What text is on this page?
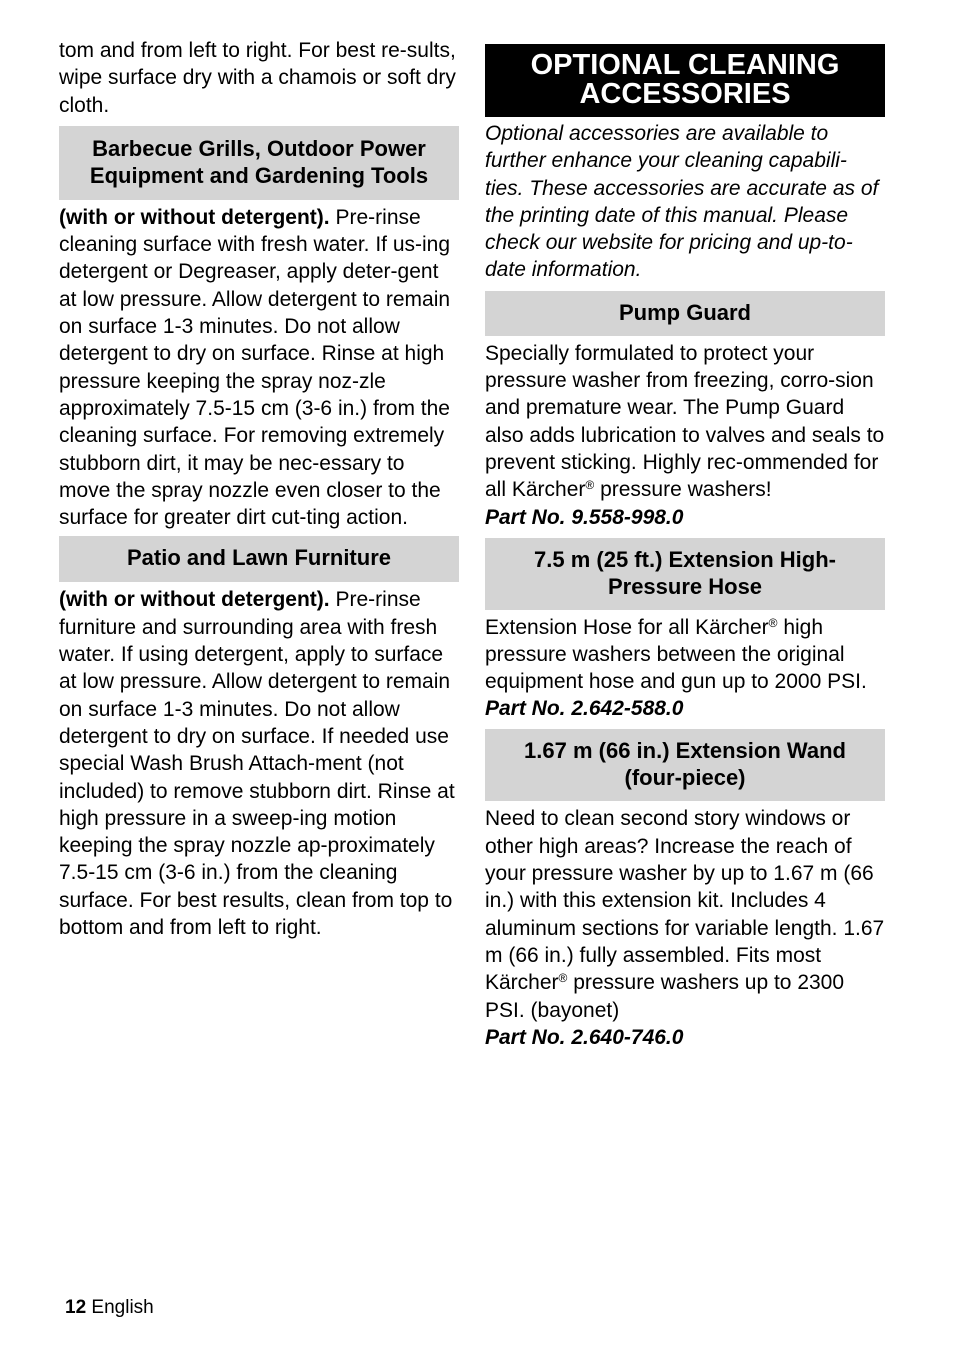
tom and from left to right. For best re-sults, wipe surface dry with a chamois or soft dry cloth.

Barbecue Grills, Outdoor Power Equipment and Gardening Tools

(with or without detergent). Pre-rinse cleaning surface with fresh water. If us-ing detergent or Degreaser, apply deter-gent at low pressure. Allow detergent to remain on surface 1-3 minutes. Do not allow detergent to dry on surface. Rinse at high pressure keeping the spray noz-zle approximately 7.5-15 cm (3-6 in.) from the cleaning surface. For removing extremely stubborn dirt, it may be nec-essary to move the spray nozzle even closer to the surface for greater dirt cut-ting action.

Patio and Lawn Furniture

(with or without detergent). Pre-rinse furniture and surrounding area with fresh water. If using detergent, apply to surface at low pressure. Allow detergent to remain on surface 1-3 minutes. Do not allow detergent to dry on surface. If needed use special Wash Brush Attach-ment (not included) to remove stubborn dirt. Rinse at high pressure in a sweep-ing motion keeping the spray nozzle ap-proximately 7.5-15 cm (3-6 in.) from the cleaning surface. For best results, clean from top to bottom and from left to right.

OPTIONAL CLEANING
ACCESSORIES

Optional accessories are available to further enhance your cleaning capabili-ties. These accessories are accurate as of the printing date of this manual. Please check our website for pricing and up-to-date information.

Pump Guard

Specially formulated to protect your pressure washer from freezing, corro-sion and premature wear. The Pump Guard also adds lubrication to valves and seals to prevent sticking. Highly rec-ommended for all Kärcher® pressure washers!

Part No. 9.558-998.0
7.5 m (25 ft.) Extension High-
Pressure Hose

Extension Hose for all Kärcher® high pressure washers between the original equipment hose and gun up to 2000 PSI.

Part No. 2.642-588.0
1.67 m (66 in.) Extension Wand
(four-piece)

Need to clean second story windows or other high areas? Increase the reach of your pressure washer by up to 1.67 m (66 in.) with this extension kit. Includes 4 aluminum sections for variable length. 1.67 m (66 in.) fully assembled. Fits most Kärcher® pressure washers up to 2300 PSI. (bayonet)

Part No. 2.640-746.0
12 English
